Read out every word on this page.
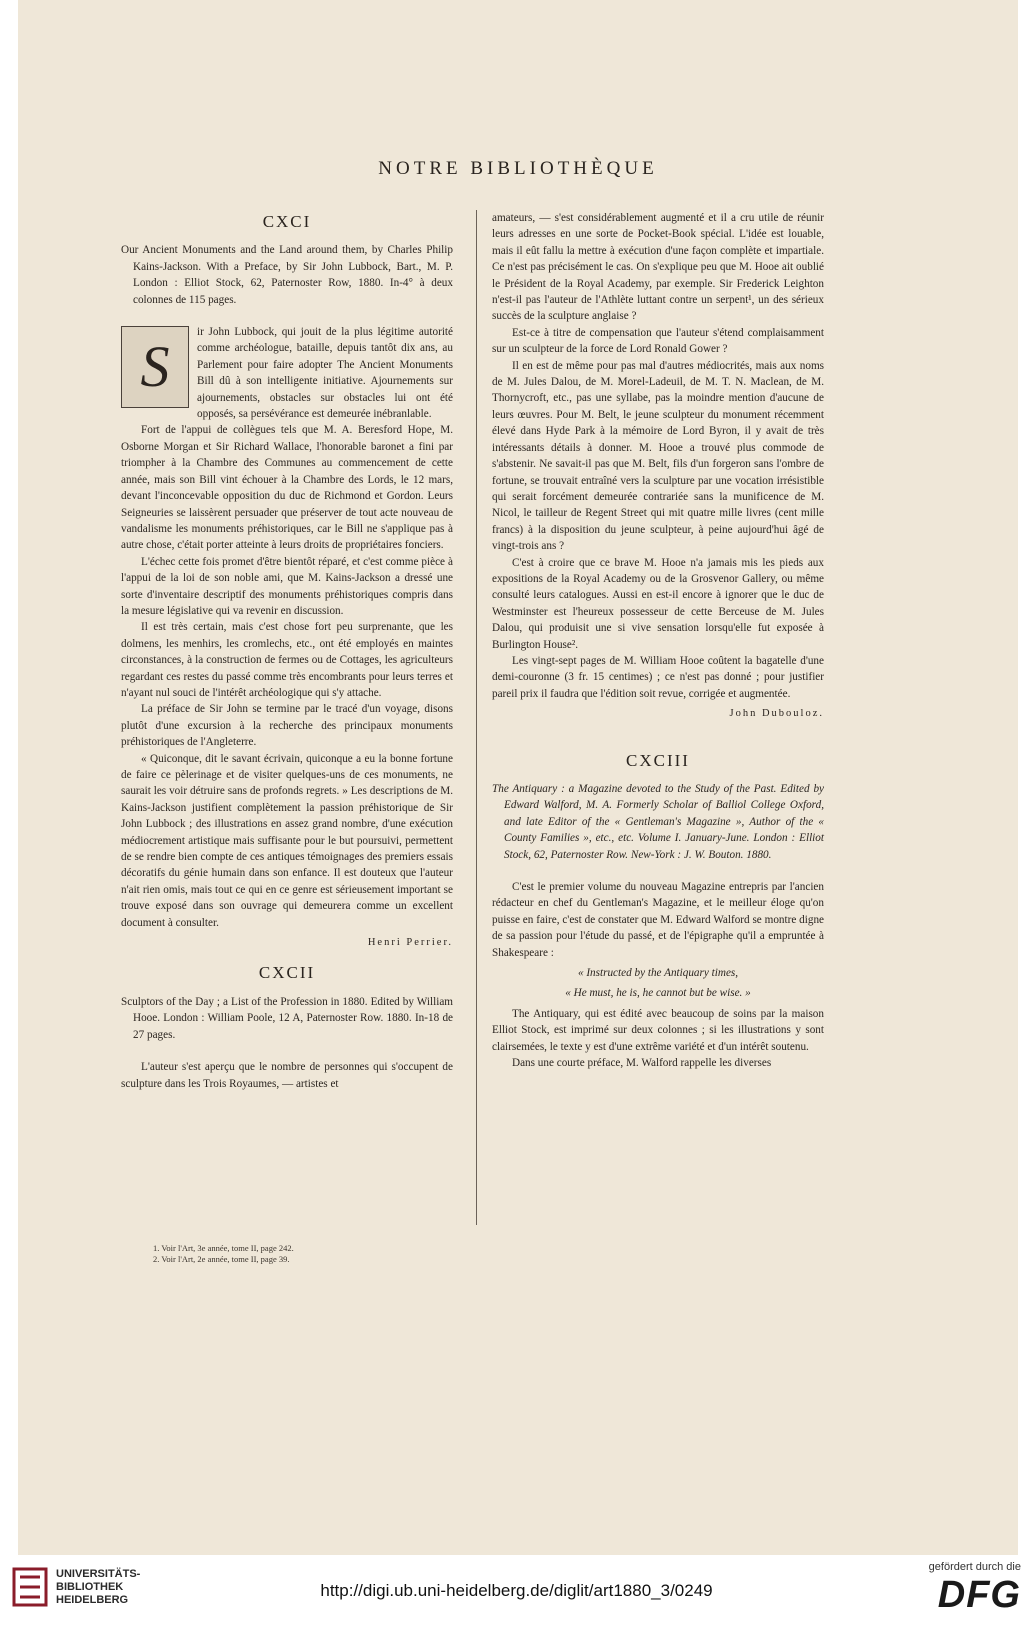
NOTRE BIBLIOTHÈQUE
CXCI
Our Ancient Monuments and the Land around them, by Charles Philip Kains-Jackson. With a Preface, by Sir John Lubbock, Bart., M. P. London : Elliot Stock, 62, Paternoster Row, 1880. In-4° à deux colonnes de 115 pages.
S

ir John Lubbock, qui jouit de la plus légitime autorité comme archéologue, bataille, depuis tantôt dix ans, au Parlement pour faire adopter The Ancient Monuments Bill dû à son intelligente initiative. Ajournements sur ajournements, obstacles sur obstacles lui ont été opposés, sa persévérance est demeurée inébranlable.

Fort de l'appui de collègues tels que M. A. Beresford Hope, M. Osborne Morgan et Sir Richard Wallace, l'honorable baronet a fini par triompher à la Chambre des Communes au commencement de cette année, mais son Bill vint échouer à la Chambre des Lords, le 12 mars, devant l'inconcevable opposition du duc de Richmond et Gordon. Leurs Seigneuries se laissèrent persuader que préserver de tout acte nouveau de vandalisme les monuments préhistoriques, car le Bill ne s'applique pas à autre chose, c'était porter atteinte à leurs droits de propriétaires fonciers.

L'échec cette fois promet d'être bientôt réparé, et c'est comme pièce à l'appui de la loi de son noble ami, que M. Kains-Jackson a dressé une sorte d'inventaire descriptif des monuments préhistoriques compris dans la mesure législative qui va revenir en discussion.

Il est très certain, mais c'est chose fort peu surprenante, que les dolmens, les menhirs, les cromlechs, etc., ont été employés en maintes circonstances, à la construction de fermes ou de Cottages, les agriculteurs regardant ces restes du passé comme très encombrants pour leurs terres et n'ayant nul souci de l'intérêt archéologique qui s'y attache.

La préface de Sir John se termine par le tracé d'un voyage, disons plutôt d'une excursion à la recherche des principaux monuments préhistoriques de l'Angleterre.

« Quiconque, dit le savant écrivain, quiconque a eu la bonne fortune de faire ce pèlerinage et de visiter quelques-uns de ces monuments, ne saurait les voir détruire sans de profonds regrets. » Les descriptions de M. Kains-Jackson justifient complètement la passion préhistorique de Sir John Lubbock ; des illustrations en assez grand nombre, d'une exécution médiocrement artistique mais suffisante pour le but poursuivi, permettent de se rendre bien compte de ces antiques témoignages des premiers essais décoratifs du génie humain dans son enfance. Il est douteux que l'auteur n'ait rien omis, mais tout ce qui en ce genre est sérieusement important se trouve exposé dans son ouvrage qui demeurera comme un excellent document à consulter.

Henri Perrier.
CXCII
Sculptors of the Day ; a List of the Profession in 1880. Edited by William Hooe. London : William Poole, 12 A, Paternoster Row. 1880. In-18 de 27 pages.

L'auteur s'est aperçu que le nombre de personnes qui s'occupent de sculpture dans les Trois Royaumes, — artistes et

amateurs, — s'est considérablement augmenté et il a cru utile de réunir leurs adresses en une sorte de Pocket-Book spécial. L'idée est louable, mais il eût fallu la mettre à exécution d'une façon complète et impartiale. Ce n'est pas précisément le cas. On s'explique peu que M. Hooe ait oublié le Président de la Royal Academy, par exemple. Sir Frederick Leighton n'est-il pas l'auteur de l'Athlète luttant contre un serpent¹, un des sérieux succès de la sculpture anglaise ?

Est-ce à titre de compensation que l'auteur s'étend complaisamment sur un sculpteur de la force de Lord Ronald Gower ?

Il en est de même pour pas mal d'autres médiocrités, mais aux noms de M. Jules Dalou, de M. Morel-Ladeuil, de M. T. N. Maclean, de M. Thornycroft, etc., pas une syllabe, pas la moindre mention d'aucune de leurs œuvres. Pour M. Belt, le jeune sculpteur du monument récemment élevé dans Hyde Park à la mémoire de Lord Byron, il y avait de très intéressants détails à donner. M. Hooe a trouvé plus commode de s'abstenir. Ne savait-il pas que M. Belt, fils d'un forgeron sans l'ombre de fortune, se trouvait entraîné vers la sculpture par une vocation irrésistible qui serait forcément demeurée contrariée sans la munificence de M. Nicol, le tailleur de Regent Street qui mit quatre mille livres (cent mille francs) à la disposition du jeune sculpteur, à peine aujourd'hui âgé de vingt-trois ans ?

C'est à croire que ce brave M. Hooe n'a jamais mis les pieds aux expositions de la Royal Academy ou de la Grosvenor Gallery, ou même consulté leurs catalogues. Aussi en est-il encore à ignorer que le duc de Westminster est l'heureux possesseur de cette Berceuse de M. Jules Dalou, qui produisit une si vive sensation lorsqu'elle fut exposée à Burlington House².

Les vingt-sept pages de M. William Hooe coûtent la bagatelle d'une demi-couronne (3 fr. 15 centimes) ; ce n'est pas donné ; pour justifier pareil prix il faudra que l'édition soit revue, corrigée et augmentée.

John Dubouloz.
CXCIII
The Antiquary : a Magazine devoted to the Study of the Past. Edited by Edward Walford, M. A. Formerly Scholar of Balliol College Oxford, and late Editor of the « Gentleman's Magazine », Author of the « County Families », etc., etc. Volume I. January-June. London : Elliot Stock, 62, Paternoster Row. New-York : J. W. Bouton. 1880.

C'est le premier volume du nouveau Magazine entrepris par l'ancien rédacteur en chef du Gentleman's Magazine, et le meilleur éloge qu'on puisse en faire, c'est de constater que M. Edward Walford se montre digne de sa passion pour l'étude du passé, et de l'épigraphe qu'il a empruntée à Shakespeare :

« Instructed by the Antiquary times,
« He must, he is, he cannot but be wise. »

The Antiquary, qui est édité avec beaucoup de soins par la maison Elliot Stock, est imprimé sur deux colonnes ; si les illustrations y sont clairsemées, le texte y est d'une extrême variété et d'un intérêt soutenu.

Dans une courte préface, M. Walford rappelle les diverses

1. Voir l'Art, 3e année, tome II, page 242.
2. Voir l'Art, 2e année, tome II, page 39.
UNIVERSITÄTS-
BIBLIOTHEK
HEIDELBERG	http://digi.ub.uni-heidelberg.de/diglit/art1880_3/0249
gefördert durch die
DFG
